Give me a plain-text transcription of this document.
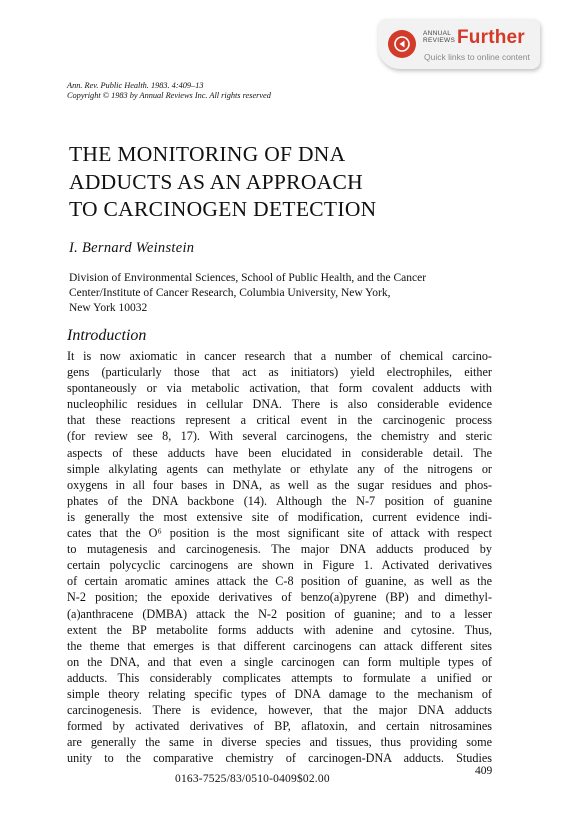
ANNUAL
REVIEWS Further
Quick links to online content
Ann. Rev. Public Health. 1983. 4:409–13
Copyright © 1983 by Annual Reviews Inc. All rights reserved
THE MONITORING OF DNA
ADDUCTS AS AN APPROACH
TO CARCINOGEN DETECTION
I. Bernard Weinstein
Division of Environmental Sciences, School of Public Health, and the Cancer
Center/Institute of Cancer Research, Columbia University, New York,
New York 10032
Introduction
It is now axiomatic in cancer research that a number of chemical carcino-
gens (particularly those that act as initiators) yield electrophiles, either
spontaneously or via metabolic activation, that form covalent adducts with
nucleophilic residues in cellular DNA. There is also considerable evidence
that these reactions represent a critical event in the carcinogenic process
(for review see 8, 17). With several carcinogens, the chemistry and steric
aspects of these adducts have been elucidated in considerable detail. The
simple alkylating agents can methylate or ethylate any of the nitrogens or
oxygens in all four bases in DNA, as well as the sugar residues and phos-
phates of the DNA backbone (14). Although the N-7 position of guanine
is generally the most extensive site of modification, current evidence indi-
cates that the O⁶ position is the most significant site of attack with respect
to mutagenesis and carcinogenesis. The major DNA adducts produced by
certain polycyclic carcinogens are shown in Figure 1. Activated derivatives
of certain aromatic amines attack the C-8 position of guanine, as well as the
N-2 position; the epoxide derivatives of benzo(a)pyrene (BP) and dimethyl-
(a)anthracene (DMBA) attack the N-2 position of guanine; and to a lesser
extent the BP metabolite forms adducts with adenine and cytosine. Thus,
the theme that emerges is that different carcinogens can attack different sites
on the DNA, and that even a single carcinogen can form multiple types of
adducts. This considerably complicates attempts to formulate a unified or
simple theory relating specific types of DNA damage to the mechanism of
carcinogenesis. There is evidence, however, that the major DNA adducts
formed by activated derivatives of BP, aflatoxin, and certain nitrosamines
are generally the same in diverse species and tissues, thus providing some
unity to the comparative chemistry of carcinogen-DNA adducts. Studies
0163-7525/83/0510-0409$02.00
409
